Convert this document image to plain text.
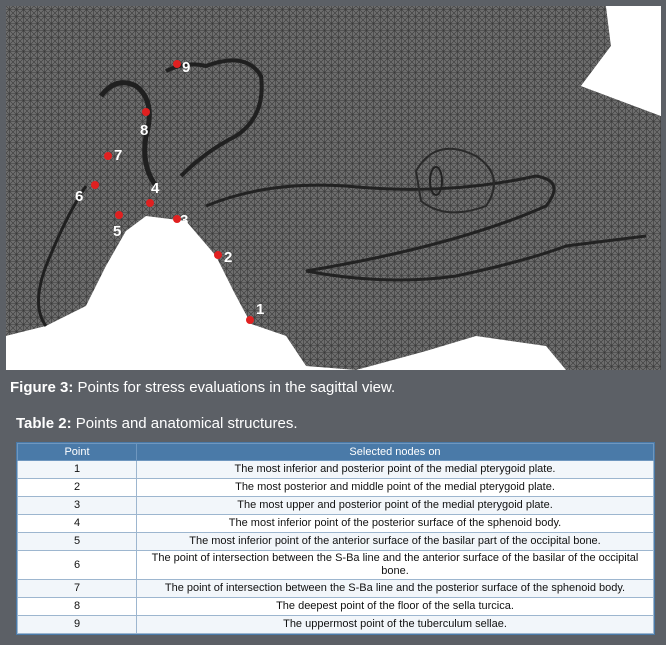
1
2
3
4
5
6
7
8
9
Figure 3: Points for stress evaluations in the sagittal view.
Table 2: Points and anatomical structures.
Point	Selected nodes on
1	The most inferior and posterior point of the medial pterygoid plate.
2	The most posterior and middle point of the medial pterygoid plate.
3	The most upper and posterior point of the medial pterygoid plate.
4	The most inferior point of the posterior surface of the sphenoid body.
5	The most inferior point of the anterior surface of the basilar part of the occipital bone.
6	The point of intersection between the S-Ba line and the anterior surface of the basilar of the occipital bone.
7	The point of intersection between the S-Ba line and the posterior surface of the sphenoid body.
8	The deepest point of the floor of the sella turcica.
9	The uppermost point of the tuberculum sellae.
